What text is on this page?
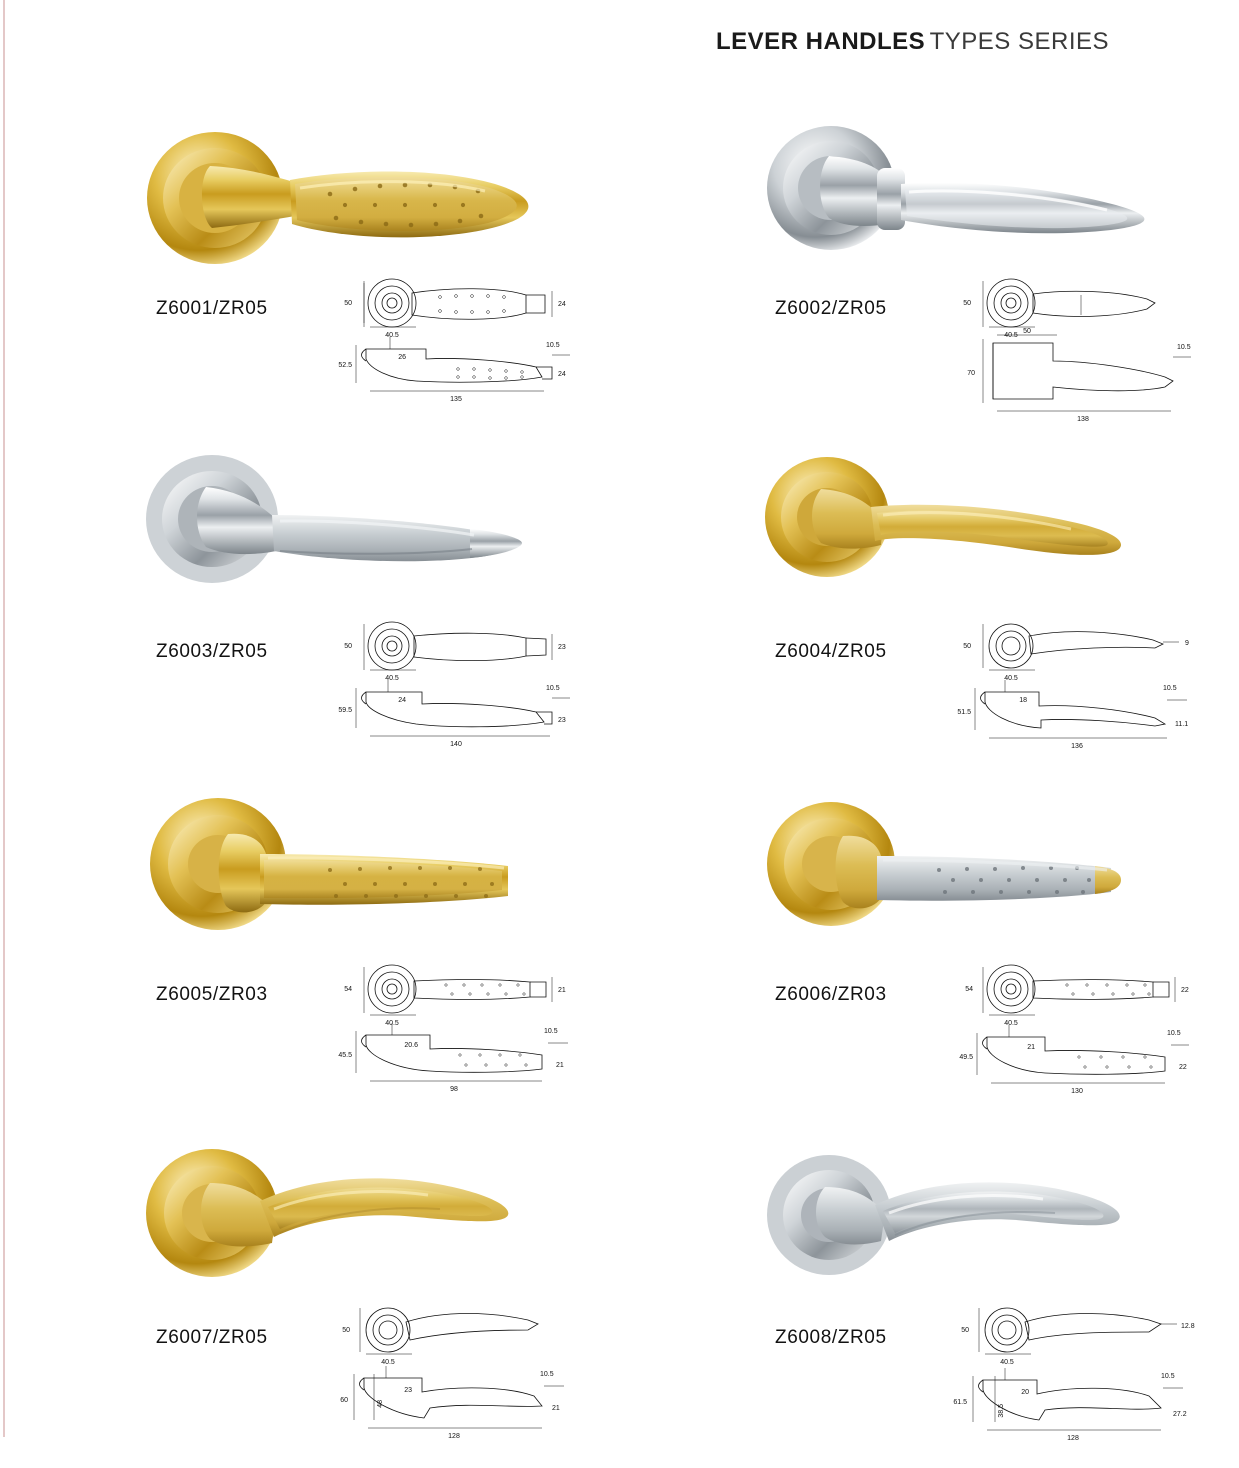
LEVER HANDLES TYPES SERIES
Z6001/ZR05	50
40.5
24
10.5
26
52.5
24
135
Z6002/ZR05	50
40.5
50
10.5
70
138
Z6003/ZR05	50
40.5
23
10.5
24
59.5
23
140
Z6004/ZR05	50
40.5
9
10.5
18
51.5
11.1
136
Z6005/ZR03	54
40.5
21
10.5
20.6
45.5
21
98
Z6006/ZR03	54
40.5
22
10.5
21
49.5
22
130
Z6007/ZR05	50
40.5
10.5
23
48
60
21
128
Z6008/ZR05	50
40.5
12.8
10.5
20
38.5
61.5
27.2
128
